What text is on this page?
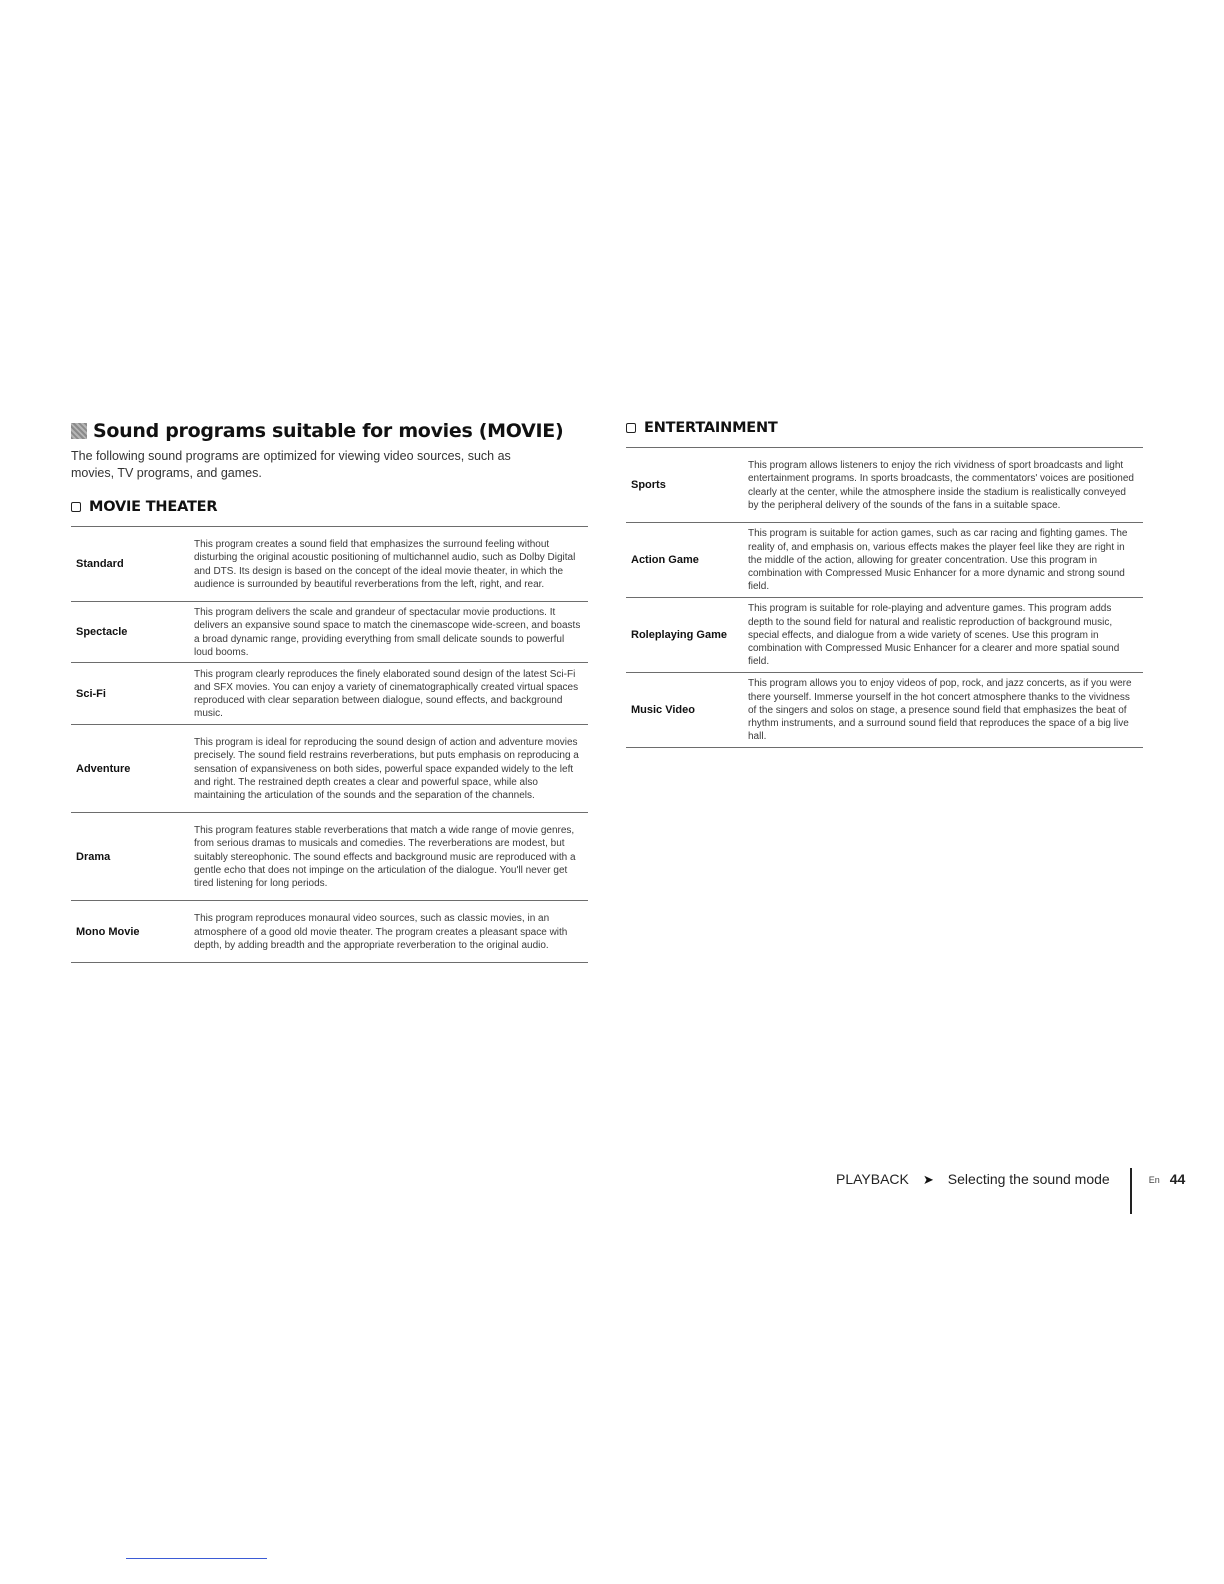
Sound programs suitable for movies (MOVIE)

The following sound programs are optimized for viewing video sources, such as movies, TV programs, and games.

MOVIE THEATER
Standard	This program creates a sound field that emphasizes the surround feeling without disturbing the original acoustic positioning of multichannel audio, such as Dolby Digital and DTS. Its design is based on the concept of the ideal movie theater, in which the audience is surrounded by beautiful reverberations from the left, right, and rear.
Spectacle	This program delivers the scale and grandeur of spectacular movie productions. It delivers an expansive sound space to match the cinemascope wide-screen, and boasts a broad dynamic range, providing everything from small delicate sounds to powerful loud booms.
Sci-Fi	This program clearly reproduces the finely elaborated sound design of the latest Sci-Fi and SFX movies. You can enjoy a variety of cinematographically created virtual spaces reproduced with clear separation between dialogue, sound effects, and background music.
Adventure	This program is ideal for reproducing the sound design of action and adventure movies precisely. The sound field restrains reverberations, but puts emphasis on reproducing a sensation of expansiveness on both sides, powerful space expanded widely to the left and right. The restrained depth creates a clear and powerful space, while also maintaining the articulation of the sounds and the separation of the channels.
Drama	This program features stable reverberations that match a wide range of movie genres, from serious dramas to musicals and comedies. The reverberations are modest, but suitably stereophonic. The sound effects and background music are reproduced with a gentle echo that does not impinge on the articulation of the dialogue. You'll never get tired listening for long periods.
Mono Movie	This program reproduces monaural video sources, such as classic movies, in an atmosphere of a good old movie theater. The program creates a pleasant space with depth, by adding breadth and the appropriate reverberation to the original audio.
ENTERTAINMENT
Sports	This program allows listeners to enjoy the rich vividness of sport broadcasts and light entertainment programs. In sports broadcasts, the commentators' voices are positioned clearly at the center, while the atmosphere inside the stadium is realistically conveyed by the peripheral delivery of the sounds of the fans in a suitable space.
Action Game	This program is suitable for action games, such as car racing and fighting games. The reality of, and emphasis on, various effects makes the player feel like they are right in the middle of the action, allowing for greater concentration. Use this program in combination with Compressed Music Enhancer for a more dynamic and strong sound field.
Roleplaying Game	This program is suitable for role-playing and adventure games. This program adds depth to the sound field for natural and realistic reproduction of background music, special effects, and dialogue from a wide variety of scenes. Use this program in combination with Compressed Music Enhancer for a clearer and more spatial sound field.
Music Video	This program allows you to enjoy videos of pop, rock, and jazz concerts, as if you were there yourself. Immerse yourself in the hot concert atmosphere thanks to the vividness of the singers and solos on stage, a presence sound field that emphasizes the beat of rhythm instruments, and a surround sound field that reproduces the space of a big live hall.
PLAYBACK ➤ Selecting the sound mode	En 44
